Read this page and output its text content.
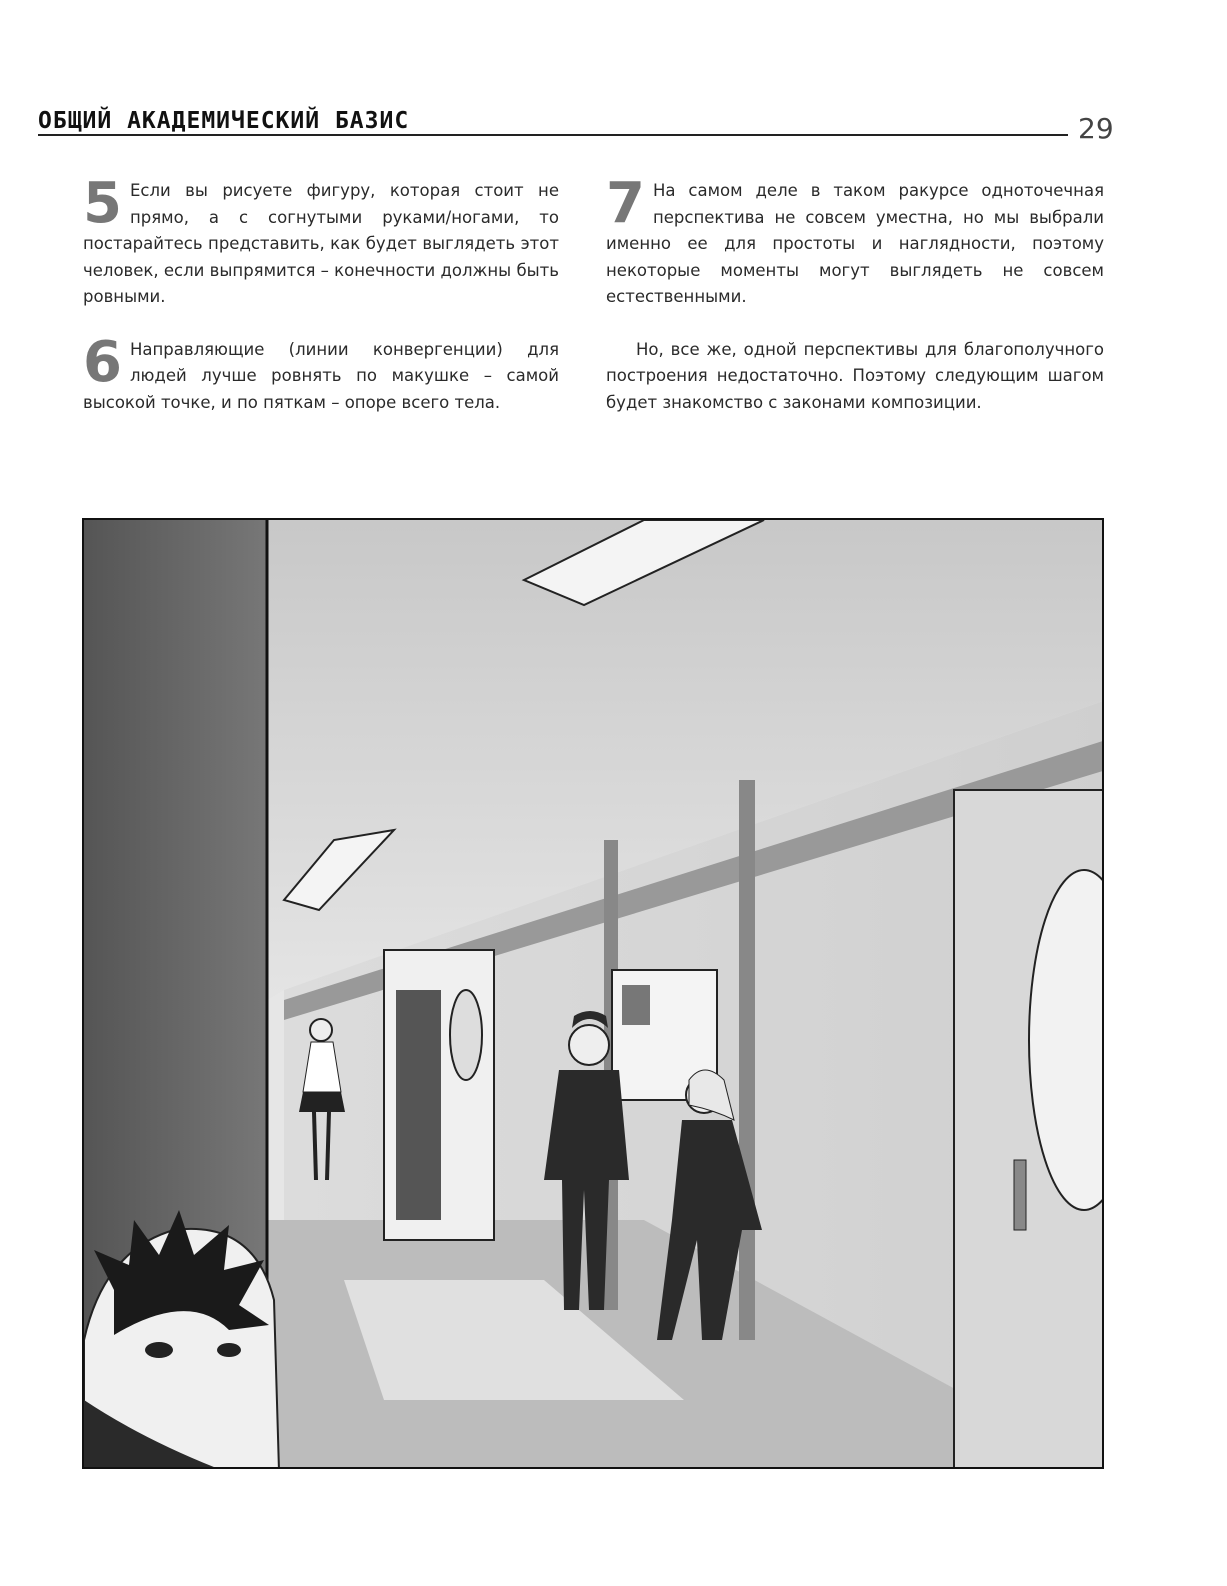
ОБЩИЙ АКАДЕМИЧЕСКИЙ БАЗИС	29

5 Если вы рисуете фигуру, которая стоит не прямо, а с согнутыми руками/ногами, то постарайтесь представить, как будет выглядеть этот человек, если выпрямится – конечности должны быть ровными.

6 Направляющие (линии конвергенции) для людей лучше ровнять по макушке – самой высокой точке, и по пяткам – опоре всего тела.

7 На самом деле в таком ракурсе одноточечная перспектива не совсем уместна, но мы выбрали именно ее для простоты и наглядности, поэтому некоторые моменты могут выглядеть не совсем естественными.

Но, все же, одной перспективы для благополучного построения недостаточно. Поэтому следующим шагом будет знакомство с законами композиции.
